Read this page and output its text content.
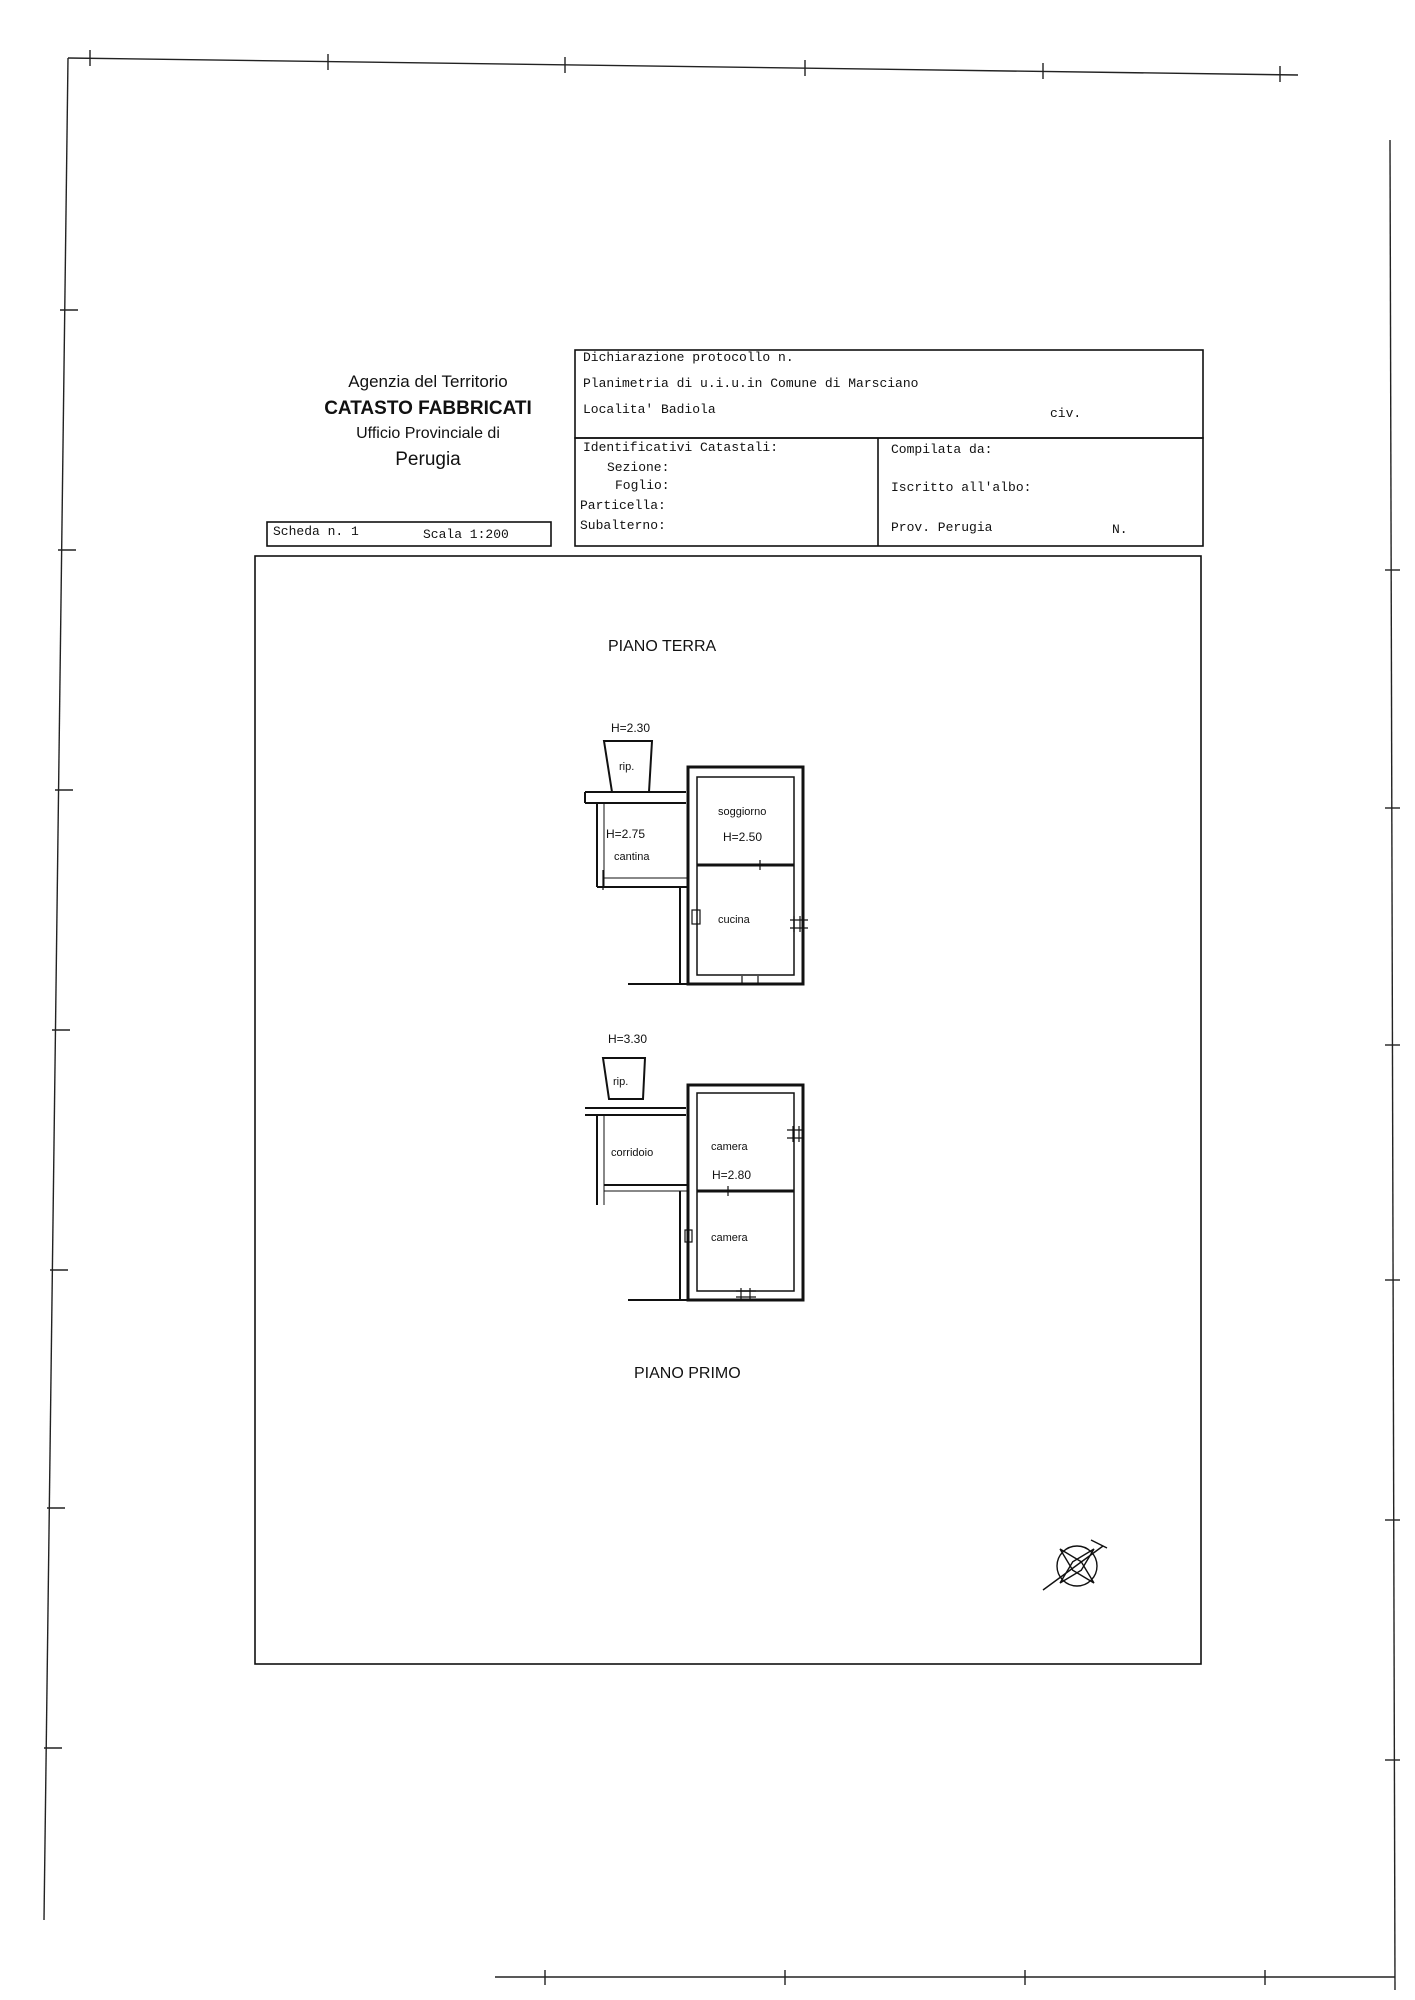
Agenzia del Territorio
CATASTO FABBRICATI
Ufficio Provinciale di
Perugia
Dichiarazione protocollo n.
Planimetria di u.i.u.in Comune di Marsciano
Localita' Badiola	civ.
Identificativi Catastali:
Sezione:
Foglio:
Particella:
Subalterno:
Compilata da:
Iscritto all'albo:
Prov. Perugia	N.
Scheda n. 1	Scala 1:200
PIANO TERRA
PIANO PRIMO
H=2.30
rip.
soggiorno
H=2.50
H=2.75
cantina
cucina
H=3.30
rip.
corridoio	camera
H=2.80
camera
